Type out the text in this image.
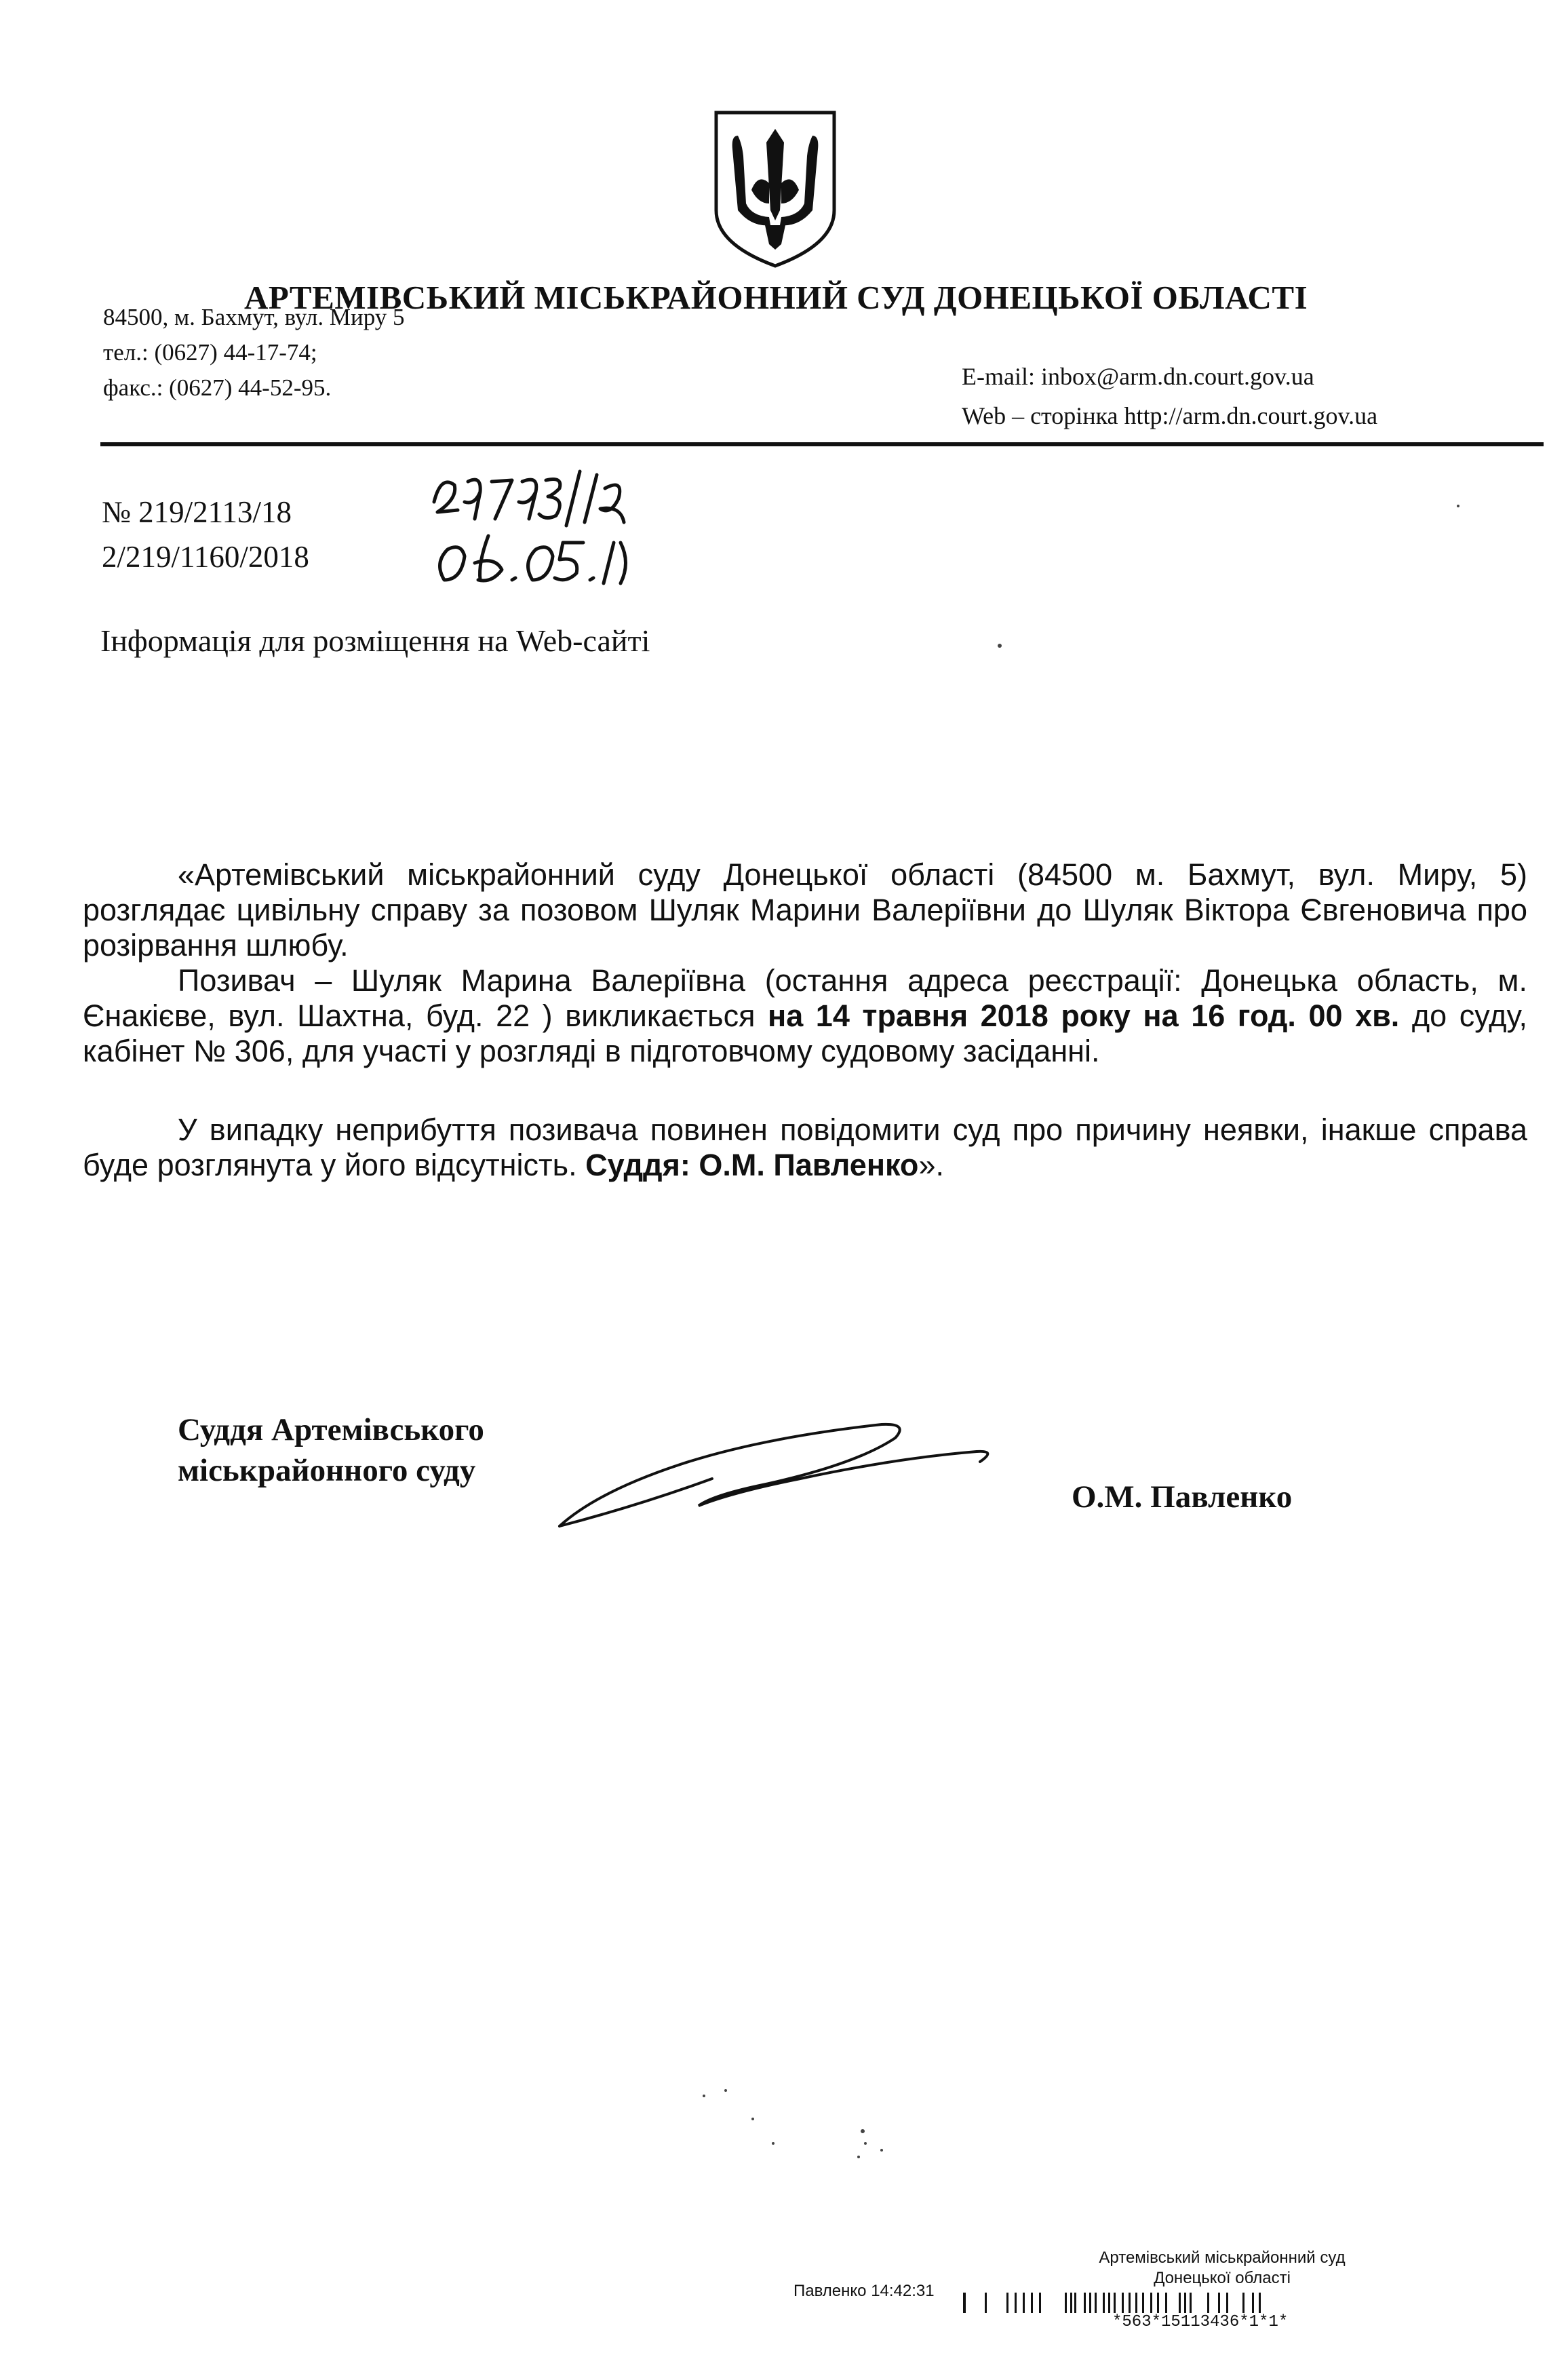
АРТЕМІВСЬКИЙ МІСЬКРАЙОННИЙ СУД ДОНЕЦЬКОЇ ОБЛАСТІ
84500, м. Бахмут, вул. Миру 5
тел.: (0627) 44-17-74;
факс.: (0627) 44-52-95.	E-mail: inbox@arm.dn.court.gov.ua
Web – сторінка http://arm.dn.court.gov.ua
№ 219/2113/18
2/219/1160/2018
Інформація для розміщення на Web-сайті

«Артемівський міськрайонний суду Донецької області (84500 м. Бахмут, вул. Миру, 5) розглядає цивільну справу за позовом Шуляк Марини Валеріївни до Шуляк Віктора Євгеновича про розірвання шлюбу.

Позивач – Шуляк Марина Валеріївна (остання адреса реєстрації: Донецька область, м. Єнакієве, вул. Шахтна, буд. 22 ) викликається на 14 травня 2018 року на 16 год. 00 хв. до суду, кабінет № 306, для участі у розгляді в підготовчому судовому засіданні.

У випадку неприбуття позивача повинен повідомити суд про причину неявки, інакше справа буде розглянута у його відсутність. Суддя: О.М. Павленко».

Суддя Артемівського
міськрайонного суду
О.М. Павленко
Артемівський міськрайонний суд
Донецької області
Павленко 14:42:31
*563*15113436*1*1*
